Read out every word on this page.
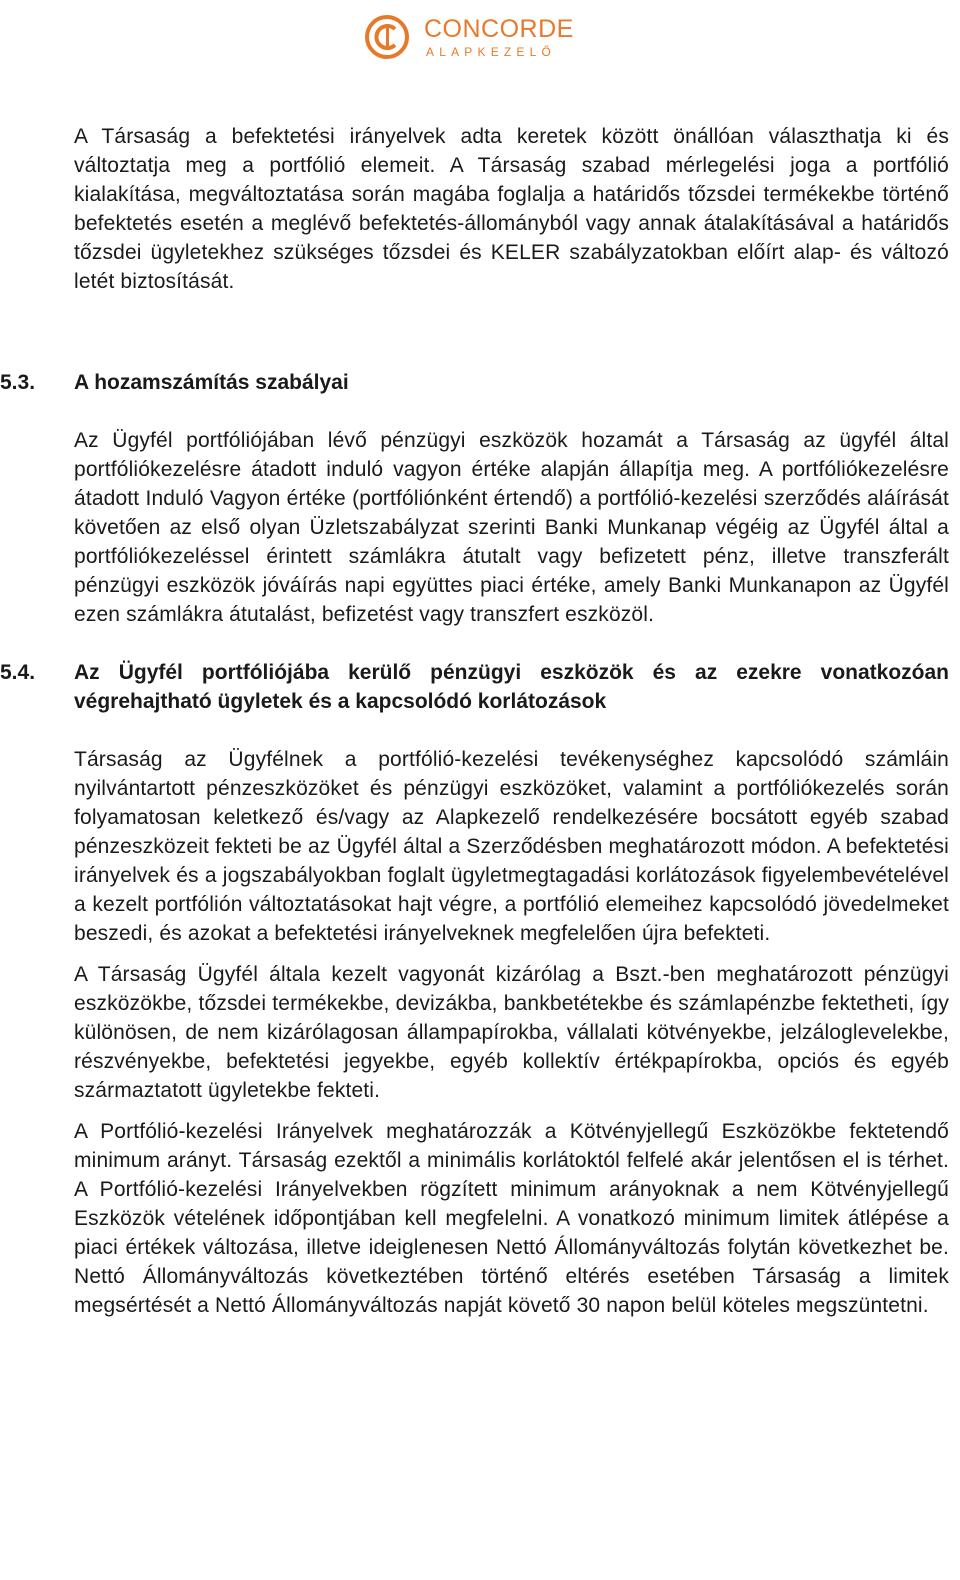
CONCORDE
ALAPKEZELŐ

A Társaság a befektetési irányelvek adta keretek között önállóan választhatja ki és változtatja meg a portfólió elemeit. A Társaság szabad mérlegelési joga a portfólió kialakítása, megváltoztatása során magába foglalja a határidős tőzsdei termékekbe történő befektetés esetén a meglévő befektetés-állományból vagy annak átalakításával a határidős tőzsdei ügyletekhez szükséges tőzsdei és KELER szabályzatokban előírt alap- és változó letét biztosítását.

5.3. A hozamszámítás szabályai

Az Ügyfél portfóliójában lévő pénzügyi eszközök hozamát a Társaság az ügyfél által portfóliókezelésre átadott induló vagyon értéke alapján állapítja meg. A portfóliókezelésre átadott Induló Vagyon értéke (portfóliónként értendő) a portfólió-kezelési szerződés aláírását követően az első olyan Üzletszabályzat szerinti Banki Munkanap végéig az Ügyfél által a portfóliókezeléssel érintett számlákra átutalt vagy befizetett pénz, illetve transzferált pénzügyi eszközök jóváírás napi együttes piaci értéke, amely Banki Munkanapon az Ügyfél ezen számlákra átutalást, befizetést vagy transzfert eszközöl.

5.4. Az Ügyfél portfóliójába kerülő pénzügyi eszközök és az ezekre vonatkozóan végrehajtható ügyletek és a kapcsolódó korlátozások

Társaság az Ügyfélnek a portfólió-kezelési tevékenységhez kapcsolódó számláin nyilvántartott pénzeszközöket és pénzügyi eszközöket, valamint a portfóliókezelés során folyamatosan keletkező és/vagy az Alapkezelő rendelkezésére bocsátott egyéb szabad pénzeszközeit fekteti be az Ügyfél által a Szerződésben meghatározott módon. A befektetési irányelvek és a jogszabályokban foglalt ügyletmegtagadási korlátozások figyelembevételével a kezelt portfólión változtatásokat hajt végre, a portfólió elemeihez kapcsolódó jövedelmeket beszedi, és azokat a befektetési irányelveknek megfelelően újra befekteti.

A Társaság Ügyfél általa kezelt vagyonát kizárólag a Bszt.-ben meghatározott pénzügyi eszközökbe, tőzsdei termékekbe, devizákba, bankbetétekbe és számlapénzbe fektetheti, így különösen, de nem kizárólagosan állampapírokba, vállalati kötvényekbe, jelzáloglevelekbe, részvényekbe, befektetési jegyekbe, egyéb kollektív értékpapírokba, opciós és egyéb származtatott ügyletekbe fekteti.

A Portfólió-kezelési Irányelvek meghatározzák a Kötvényjellegű Eszközökbe fektetendő minimum arányt. Társaság ezektől a minimális korlátoktól felfelé akár jelentősen el is térhet. A Portfólió-kezelési Irányelvekben rögzített minimum arányoknak a nem Kötvényjellegű Eszközök vételének időpontjában kell megfelelni. A vonatkozó minimum limitek átlépése a piaci értékek változása, illetve ideiglenesen Nettó Állományváltozás folytán következhet be. Nettó Állományváltozás következtében történő eltérés esetében Társaság a limitek megsértését a Nettó Állományváltozás napját követő 30 napon belül köteles megszüntetni.
